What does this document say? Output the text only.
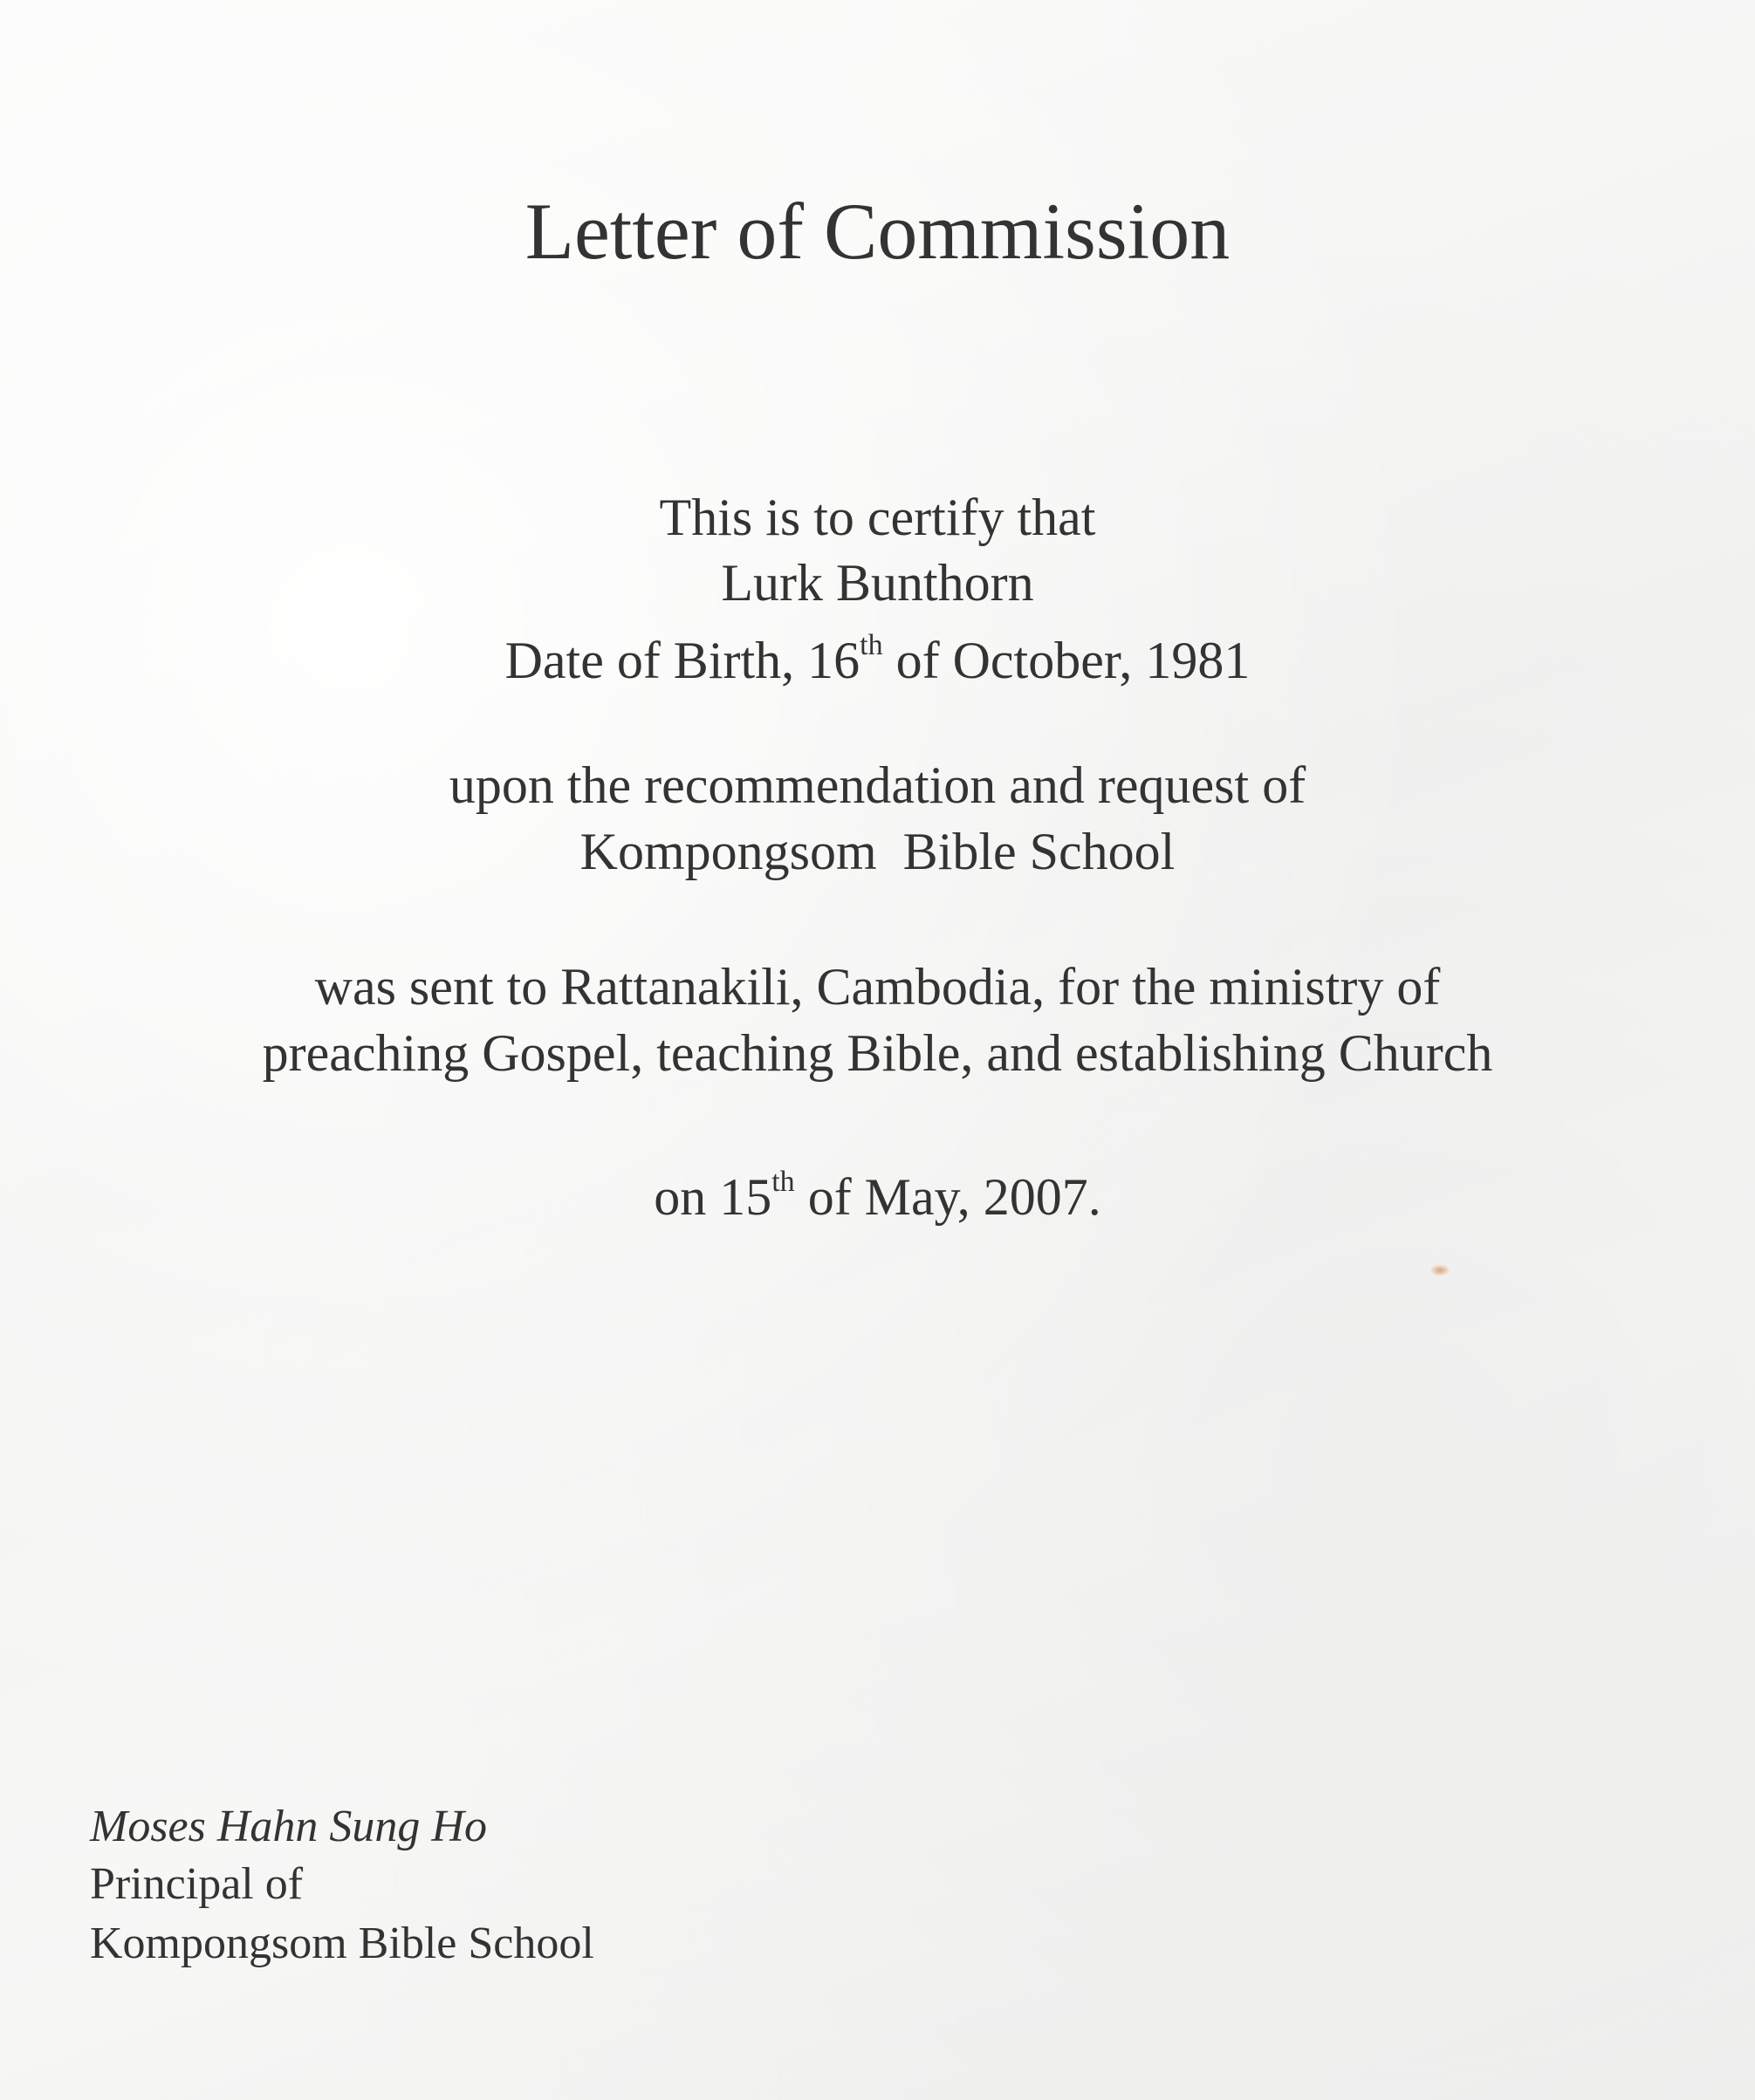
Letter of Commission
This is to certify that
Lurk Bunthorn
Date of Birth, 16th of October, 1981
upon the recommendation and request of
Kompongsom  Bible School
was sent to Rattanakili, Cambodia, for the ministry of
preaching Gospel, teaching Bible, and establishing Church
on 15th of May, 2007.
Moses Hahn Sung Ho
Principal of
Kompongsom Bible School
